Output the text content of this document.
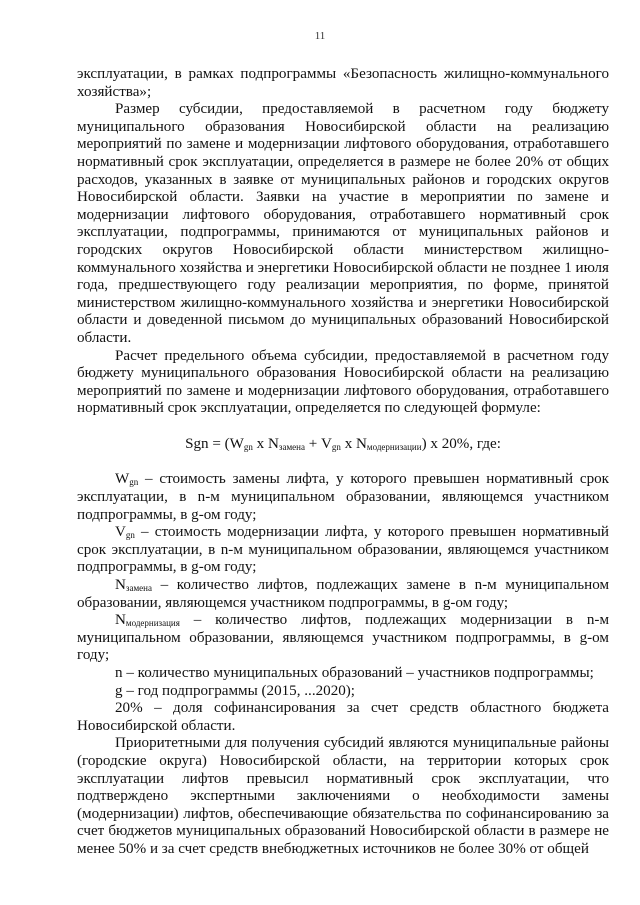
11

эксплуатации, в рамках подпрограммы «Безопасность жилищно-коммунального хозяйства»;

Размер субсидии, предоставляемой в расчетном году бюджету муниципального образования Новосибирской области на реализацию мероприятий по замене и модернизации лифтового оборудования, отработавшего нормативный срок эксплуатации, определяется в размере не более 20% от общих расходов, указанных в заявке от муниципальных районов и городских округов Новосибирской области. Заявки на участие в мероприятии по замене и модернизации лифтового оборудования, отработавшего нормативный срок эксплуатации, подпрограммы, принимаются от муниципальных районов и городских округов Новосибирской области министерством жилищно-коммунального хозяйства и энергетики Новосибирской области не позднее 1 июля года, предшествующего году реализации мероприятия, по форме, принятой министерством жилищно-коммунального хозяйства и энергетики Новосибирской области и доведенной письмом до муниципальных образований Новосибирской области.

Расчет предельного объема субсидии, предоставляемой в расчетном году бюджету муниципального образования Новосибирской области на реализацию мероприятий по замене и модернизации лифтового оборудования, отработавшего нормативный срок эксплуатации, определяется по следующей формуле:

Sgn = ($W_{gn}$ x $N_{замена} + V_{gn}$ x $N_{модернизации}$) x 20%, где:

$W_{gn}$ – стоимость замены лифта, у которого превышен нормативный срок эксплуатации, в n-м муниципальном образовании, являющемся участником подпрограммы, в g-ом году;

$V_{gn}$ – стоимость модернизации лифта, у которого превышен нормативный срок эксплуатации, в n-м муниципальном образовании, являющемся участником подпрограммы, в g-ом году;

$N_{замена}$ – количество лифтов, подлежащих замене в n-м муниципальном образовании, являющемся участником подпрограммы, в g-ом году;

$N_{модернизация}$ – количество лифтов, подлежащих модернизации в n-м муниципальном образовании, являющемся участником подпрограммы, в g-ом году;

n – количество муниципальных образований – участников подпрограммы;

g – год подпрограммы (2015, ...2020);

20% – доля софинансирования за счет средств областного бюджета Новосибирской области.

Приоритетными для получения субсидий являются муниципальные районы (городские округа) Новосибирской области, на территории которых срок эксплуатации лифтов превысил нормативный срок эксплуатации, что подтверждено экспертными заключениями о необходимости замены (модернизации) лифтов, обеспечивающие обязательства по софинансированию за счет бюджетов муниципальных образований Новосибирской области в размере не менее 50% и за счет средств внебюджетных источников не более 30% от общей
